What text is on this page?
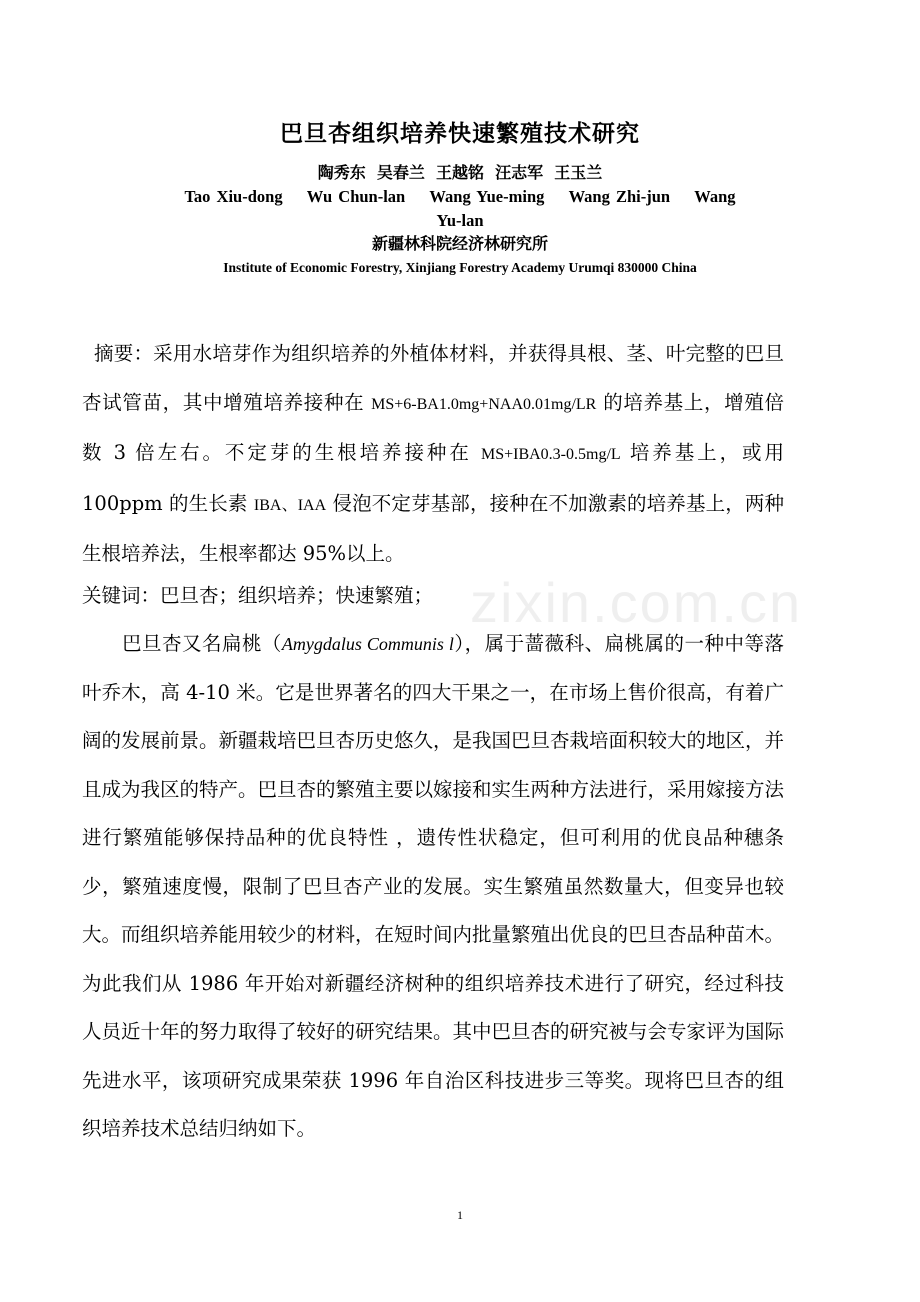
zixin.com.cn
巴旦杏组织培养快速繁殖技术研究
陶秀东  吴春兰  王越铭  汪志军  王玉兰
Tao Xiu-dong    Wu Chun-lan    Wang Yue-ming    Wang Zhi-jun    Wang
Yu-lan
新疆林科院经济林研究所
Institute of Economic Forestry, Xinjiang Forestry Academy Urumqi 830000 China
摘要：采用水培芽作为组织培养的外植体材料，并获得具根、茎、叶完整的巴旦杏试管苗，其中增殖培养接种在 MS+6-BA1.0mg+NAA0.01mg/LR 的培养基上，增殖倍数 3 倍左右。不定芽的生根培养接种在 MS+IBA0.3-0.5mg/L 培养基上，或用 100ppm 的生长素 IBA、IAA 侵泡不定芽基部，接种在不加激素的培养基上，两种生根培养法，生根率都达 95%以上。
关键词：巴旦杏；组织培养；快速繁殖；
巴旦杏又名扁桃（Amygdalus Communis l），属于蔷薇科、扁桃属的一种中等落叶乔木，高 4-10 米。它是世界著名的四大干果之一，在市场上售价很高，有着广阔的发展前景。新疆栽培巴旦杏历史悠久，是我国巴旦杏栽培面积较大的地区，并且成为我区的特产。巴旦杏的繁殖主要以嫁接和实生两种方法进行，采用嫁接方法进行繁殖能够保持品种的优良特性 ，遗传性状稳定，但可利用的优良品种穗条少，繁殖速度慢，限制了巴旦杏产业的发展。实生繁殖虽然数量大，但变异也较大。而组织培养能用较少的材料，在短时间内批量繁殖出优良的巴旦杏品种苗木。为此我们从 1986 年开始对新疆经济树种的组织培养技术进行了研究，经过科技人员近十年的努力取得了较好的研究结果。其中巴旦杏的研究被与会专家评为国际先进水平，该项研究成果荣获 1996 年自治区科技进步三等奖。现将巴旦杏的组织培养技术总结归纳如下。
1
